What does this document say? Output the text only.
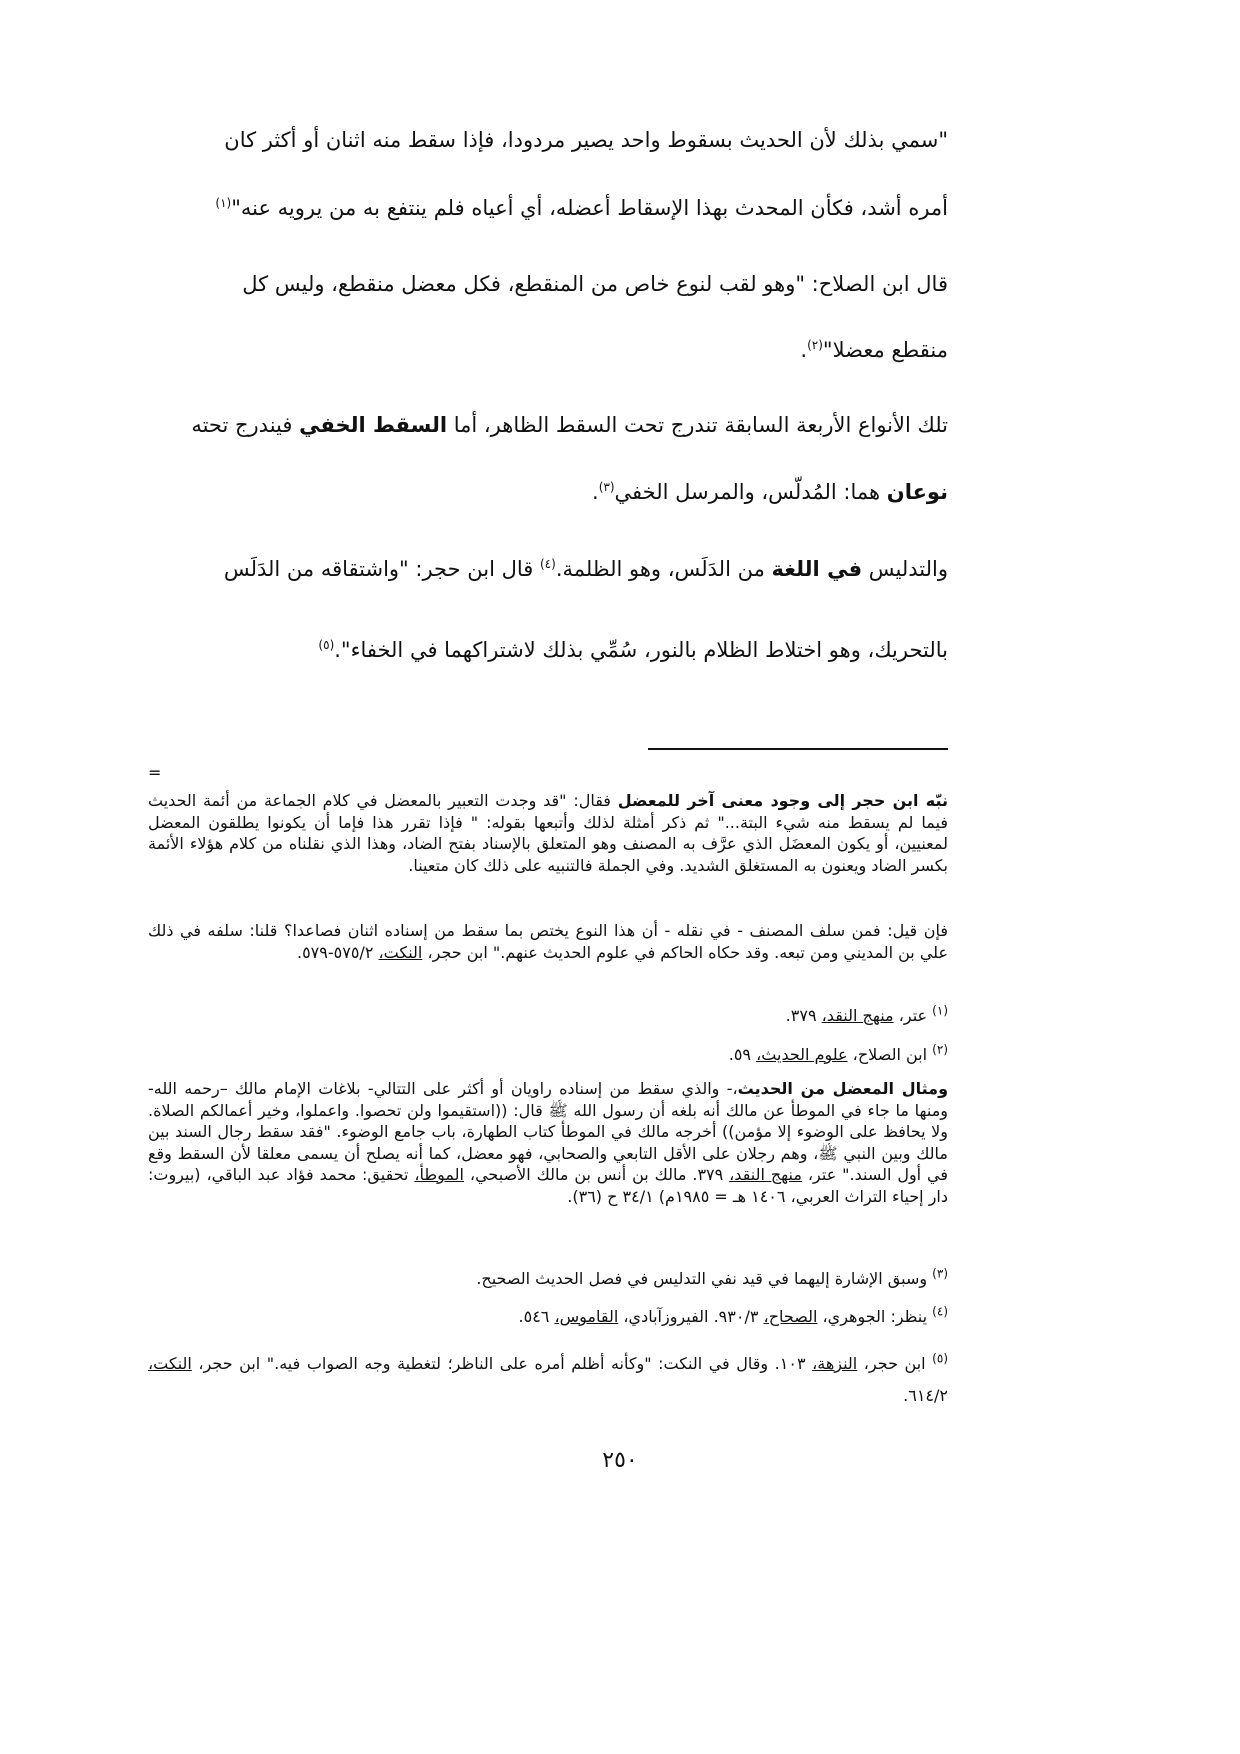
"سمي بذلك لأن الحديث بسقوط واحد يصير مردودا، فإذا سقط منه اثنان أو أكثر كان
أمره أشد، فكأن المحدث بهذا الإسقاط أعضله، أي أعياه فلم ينتفع به من يرويه عنه"$^{(١)}$
قال ابن الصلاح: "وهو لقب لنوع خاص من المنقطع، فكل معضل منقطع، وليس كل
منقطع معضلا"$^{(٢)}$.
تلك الأنواع الأربعة السابقة تندرج تحت السقط الظاهر، أما السقط الخفي فيندرج تحته
نوعان هما: المُدلّس، والمرسل الخفي$^{(٣)}$.
والتدليس في اللغة من الدَلَس، وهو الظلمة.$^{(٤)}$ قال ابن حجر: "واشتقاقه من الدَلَس
بالتحريك، وهو اختلاط الظلام بالنور، سُمِّي بذلك لاشتراكهما في الخفاء".$^{(٥)}$
=
نبّه ابن حجر إلى وجود معنى آخر للمعضل فقال: "قد وجدت التعبير بالمعضل في كلام الجماعة من أئمة الحديث فيما لم يسقط منه شيء البتة..." ثم ذكر أمثلة لذلك وأتبعها بقوله: " فإذا تقرر هذا فإما أن يكونوا يطلقون المعضل لمعنيين، أو يكون المعضَل الذي عرَّف به المصنف وهو المتعلق بالإسناد بفتح الضاد، وهذا الذي نقلناه من كلام هؤلاء الأئمة بكسر الضاد ويعنون به المستغلق الشديد. وفي الجملة فالتنبيه على ذلك كان متعينا.
فإن قيل: فمن سلف المصنف - في نقله - أن هذا النوع يختص بما سقط من إسناده اثنان فصاعدا؟ قلنا: سلفه في ذلك علي بن المديني ومن تبعه. وقد حكاه الحاكم في علوم الحديث عنهم." ابن حجر، النكت، ٥٧٥/٢-٥٧٩.
$^{(١)}$ عتر، منهج النقد، ٣٧٩.
$^{(٢)}$ ابن الصلاح، علوم الحديث، ٥٩.
ومثال المعضل من الحديث،- والذي سقط من إسناده راويان أو أكثر على التتالي- بلاغات الإمام مالك –رحمه الله- ومنها ما جاء في الموطأ عن مالك أنه بلغه أن رسول الله ﷺ قال: ((استقيموا ولن تحصوا. واعملوا، وخير أعمالكم الصلاة. ولا يحافظ على الوضوء إلا مؤمن)) أخرجه مالك في الموطأ كتاب الطهارة، باب جامع الوضوء. "فقد سقط رجال السند بين مالك وبين النبي ﷺ، وهم رجلان على الأقل التابعي والصحابي، فهو معضل، كما أنه يصلح أن يسمى معلقا لأن السقط وقع في أول السند." عتر، منهج النقد، ٣٧٩. مالك بن أنس بن مالك الأصبحي، الموطأ، تحقيق: محمد فؤاد عبد الباقي، (بيروت: دار إحياء التراث العربي، ١٤٠٦ هـ = ١٩٨٥م) ٣٤/١ ح (٣٦).
$^{(٣)}$ وسبق الإشارة إليهما في قيد نفي التدليس في فصل الحديث الصحيح.
$^{(٤)}$ ينظر: الجوهري، الصحاح، ٩٣٠/٣. الفيروزآبادي، القاموس، ٥٤٦.
$^{(٥)}$ ابن حجر، النزهة، ١٠٣. وقال في النكت: "وكأنه أظلم أمره على الناظر؛ لتغطية وجه الصواب فيه." ابن حجر، النكت، ٦١٤/٢.
٢٥٠
